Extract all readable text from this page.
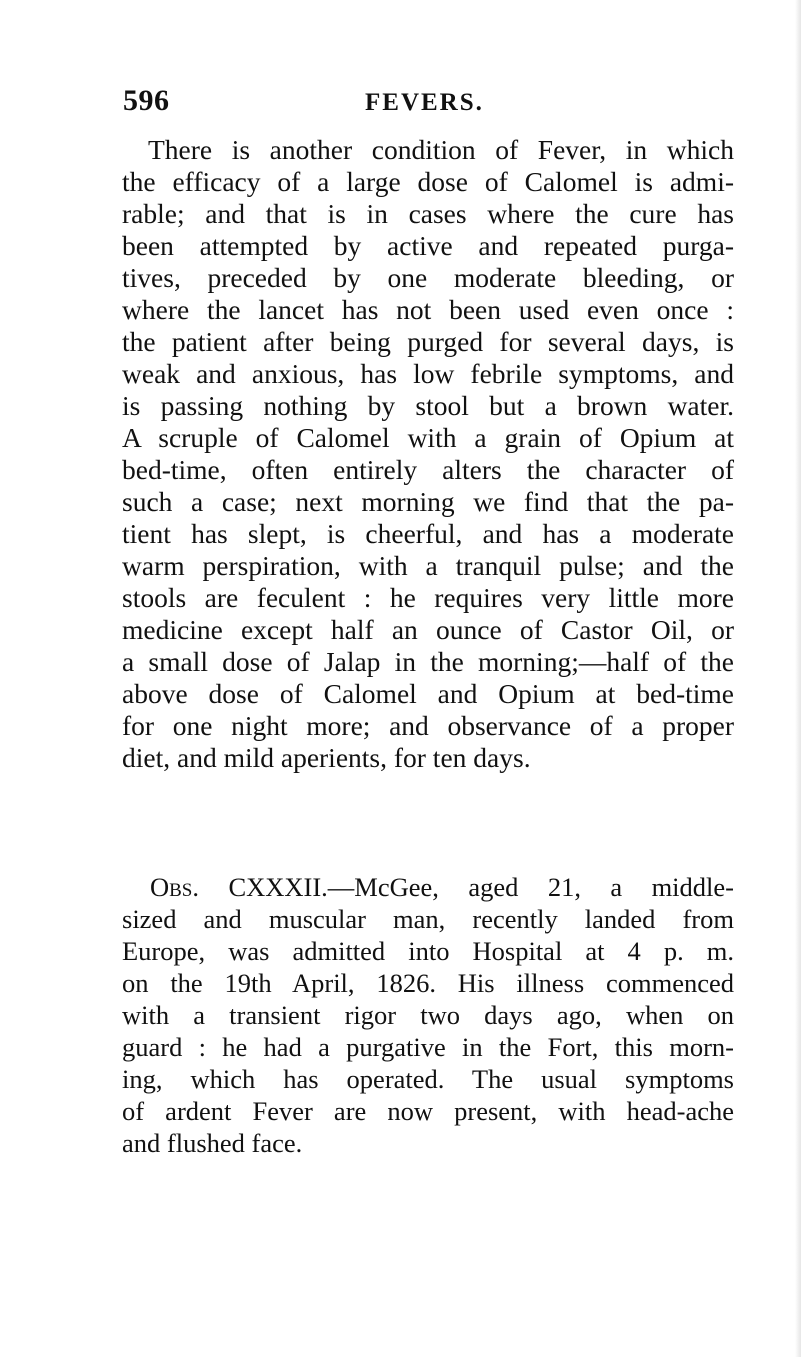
596	FEVERS.
There is another condition of Fever, in which
the efficacy of a large dose of Calomel is admi-
rable; and that is in cases where the cure has
been attempted by active and repeated purga-
tives, preceded by one moderate bleeding, or
where the lancet has not been used even once :
the patient after being purged for several days, is
weak and anxious, has low febrile symptoms, and
is passing nothing by stool but a brown water.
A scruple of Calomel with a grain of Opium at
bed-time, often entirely alters the character of
such a case; next morning we find that the pa-
tient has slept, is cheerful, and has a moderate
warm perspiration, with a tranquil pulse; and the
stools are feculent : he requires very little more
medicine except half an ounce of Castor Oil, or
a small dose of Jalap in the morning;—half of the
above dose of Calomel and Opium at bed-time
for one night more; and observance of a proper
diet, and mild aperients, for ten days.
Obs. CXXXII.—McGee, aged 21, a middle-
sized and muscular man, recently landed from
Europe, was admitted into Hospital at 4 p. m.
on the 19th April, 1826. His illness commenced
with a transient rigor two days ago, when on
guard : he had a purgative in the Fort, this morn-
ing, which has operated. The usual symptoms
of ardent Fever are now present, with head-ache
and flushed face.
